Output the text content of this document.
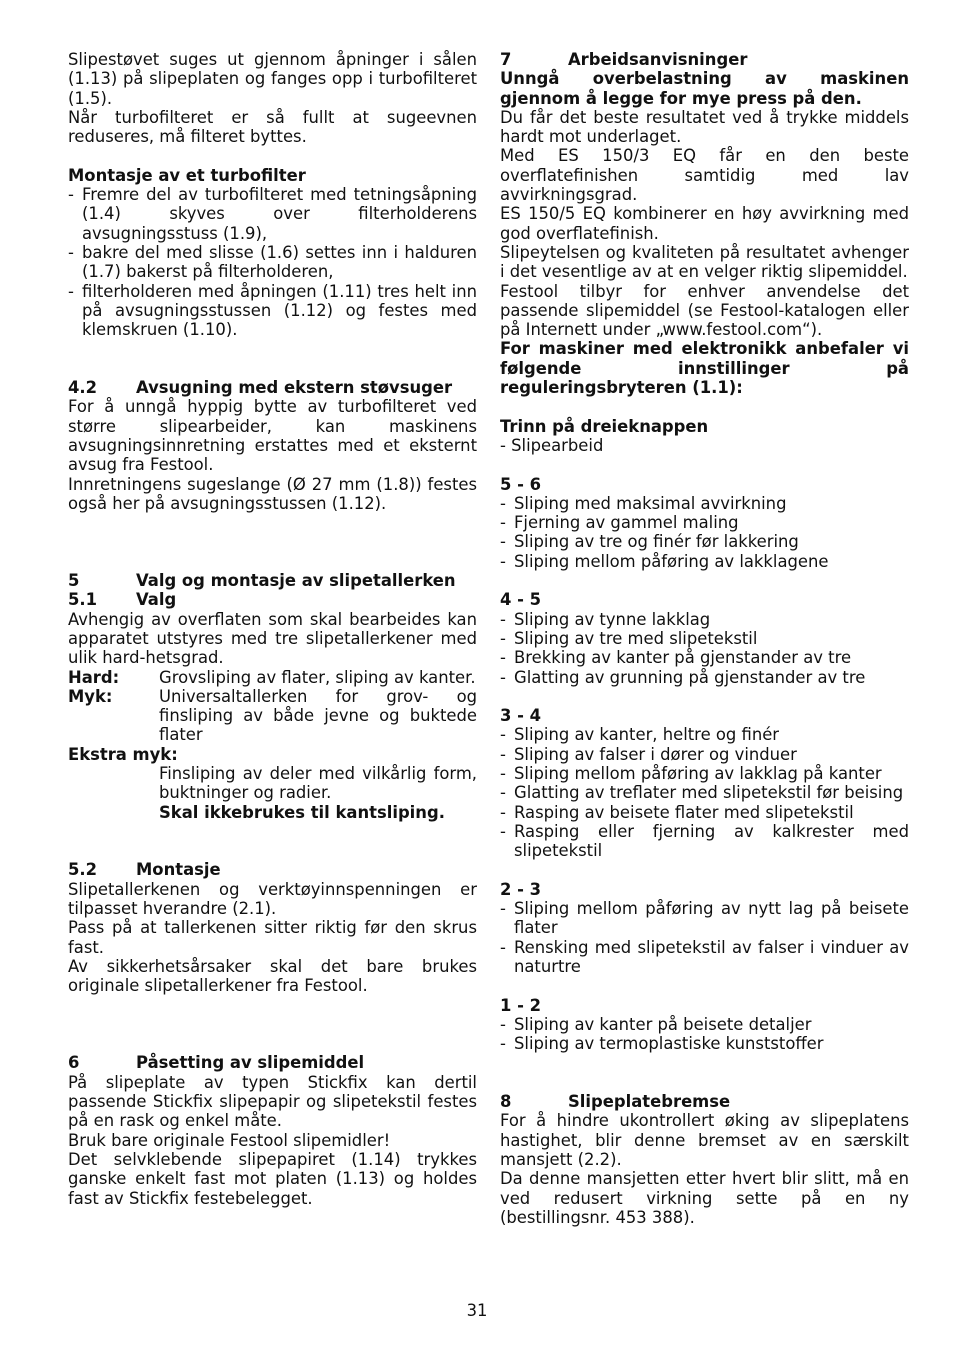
Slipestøvet suges ut gjennom åpninger i sålen (1.13) på slipeplaten og fanges opp i turbofilteret (1.5).

Når turbofilteret er så fullt at sugeevnen reduseres, må filteret byttes.

Montasje av et turbofilter

- Fremre del av turbofilteret med tetningsåpning (1.4) skyves over filterholderens avsugningsstuss (1.9),
- bakre del med slisse (1.6) settes inn i halduren (1.7) bakerst på filterholderen,
- filterholderen med åpningen (1.11) tres helt inn på avsugningsstussen (1.12) og festes med klemskruen (1.10).
4.2	Avsugning med ekstern støvsuger

For å unngå hyppig bytte av turbofilteret ved større slipearbeider, kan maskinens avsugningsinnretning erstattes med et eksternt avsug fra Festool.

Innretningens sugeslange (Ø 27 mm (1.8)) festes også her på avsugningsstussen (1.12).

5	Valg og montasje av slipetallerken
5.1	Valg

Avhengig av overflaten som skal bearbeides kan apparatet utstyres med tre slipetallerkener med ulik hard-hetsgrad.

Hard:	Grovsliping av flater, sliping av kanter.
Myk:	Universaltallerken for grov- og finsliping av både jevne og buktede flater

Ekstra myk:

Finsliping av deler med vilkårlig form, buktninger og radier.

Skal ikkebrukes til kantsliping.

5.2	Montasje

Slipetallerkenen og verktøyinnspenningen er tilpasset hverandre (2.1).

Pass på at tallerkenen sitter riktig før den skrus fast.

Av sikkerhetsårsaker skal det bare brukes originale slipetallerkener fra Festool.

6	Påsetting av slipemiddel

På slipeplate av typen Stickfix kan dertil passende Stickfix slipepapir og slipetekstil festes på en rask og enkel måte.

Bruk bare originale Festool slipemidler!

Det selvklebende slipepapiret (1.14) trykkes ganske enkelt fast mot platen (1.13) og holdes fast av Stickfix festebelegget.

7	Arbeidsanvisninger

Unngå overbelastning av maskinen gjennom å legge for mye press på den.

Du får det beste resultatet ved å trykke middels hardt mot underlaget.

Med ES 150/3 EQ får en den beste overflatefinishen samtidig med lav avvirkningsgrad.

ES 150/5 EQ kombinerer en høy avvirkning med god overflatefinish.

Slipeytelsen og kvaliteten på resultatet avhenger i det vesentlige av at en velger riktig slipemiddel.

Festool tilbyr for enhver anvendelse det passende slipemiddel (se Festool-katalogen eller på Internett under „www.festool.com“).

For maskiner med elektronikk anbefaler vi følgende innstillinger på reguleringsbryteren (1.1):

Trinn på dreieknappen

- Slipearbeid

5 - 6

- Sliping med maksimal avvirkning
- Fjerning av gammel maling
- Sliping av tre og finér før lakkering
- Sliping mellom påføring av lakklagene

4 - 5

- Sliping av tynne lakklag
- Sliping av tre med slipetekstil
- Brekking av kanter på gjenstander av tre
- Glatting av grunning på gjenstander av tre

3 - 4

- Sliping av kanter, heltre og finér
- Sliping av falser i dører og vinduer
- Sliping mellom påføring av lakklag på kanter
- Glatting av treflater med slipetekstil før beising
- Rasping av beisete flater med slipetekstil
- Rasping eller fjerning av kalkrester med slipetekstil

2 - 3

- Sliping mellom påføring av nytt lag på beisete flater
- Rensking med slipetekstil av falser i vinduer av naturtre

1 - 2

- Sliping av kanter på beisete detaljer
- Sliping av termoplastiske kunststoffer
8	Slipeplatebremse

For å hindre ukontrollert øking av slipeplatens hastighet, blir denne bremset av en særskilt mansjett (2.2).

Da denne mansjetten etter hvert blir slitt, må en ved redusert virkning sette på en ny (bestillingsnr. 453 388).

31
